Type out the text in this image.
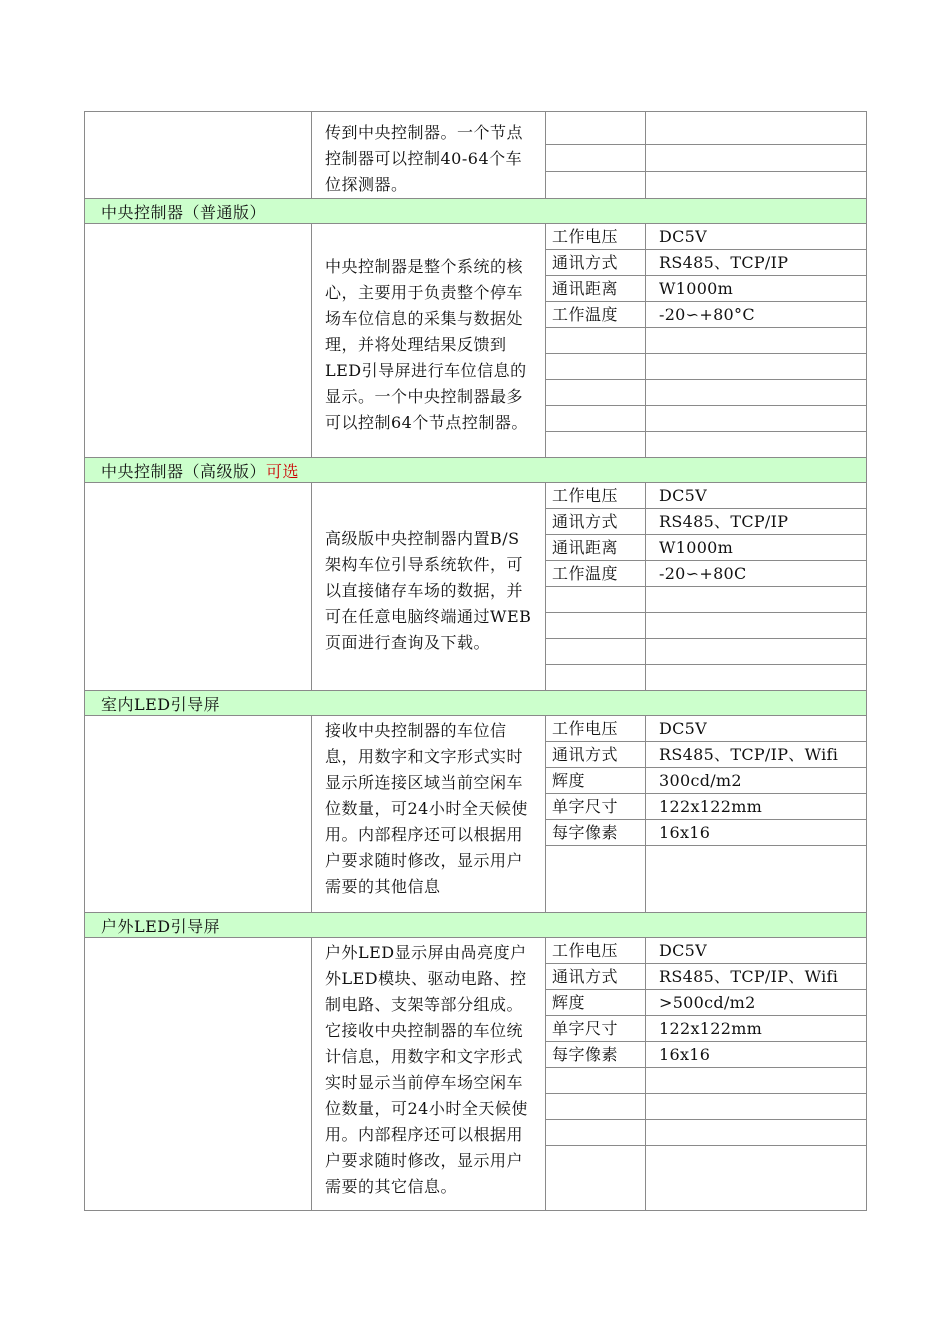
	传到中央控制器。一个节点控制器可以控制40-64个车位探测器。		

中央控制器（普通版）			
	中央控制器是整个系统的核心，主要用于负责整个停车场车位信息的采集与数据处理，并将处理结果反馈到LED引导屏进行车位信息的显示。一个中央控制器最多可以控制64个节点控制器。	工作电压	DC5V
		通讯方式	RS485、TCP/IP
		通讯距离	W1000m
		工作温度	-20∽+80°C

中央控制器（高级版）可选			
	高级版中央控制器内置B/S架构车位引导系统软件，可以直接储存车场的数据，并可在任意电脑终端通过WEB页面进行查询及下载。	工作电压	DC5V
		通讯方式	RS485、TCP/IP
		通讯距离	W1000m
		工作温度	-20∽+80C

室内LED引导屏			
	接收中央控制器的车位信息，用数字和文字形式实时显示所连接区域当前空闲车位数量，可24小时全天候使用。内部程序还可以根据用户要求随时修改，显示用户需要的其他信息	工作电压	DC5V
		通讯方式	RS485、TCP/IP、Wifi
		辉度	300cd/m2
		单字尺寸	122x122mm
		每字像素	16x16

户外LED引导屏			
	户外LED显示屏由咼亮度户外LED模块、驱动电路、控制电路、支架等部分组成。它接收中央控制器的车位统计信息，用数字和文字形式实时显示当前停车场空闲车位数量，可24小时全天候使用。内部程序还可以根据用户要求随时修改，显示用户需要的其它信息。	工作电压	DC5V
		通讯方式	RS485、TCP/IP、Wifi
		辉度	>500cd/m2
		单字尺寸	122x122mm
		每字像素	16x16
